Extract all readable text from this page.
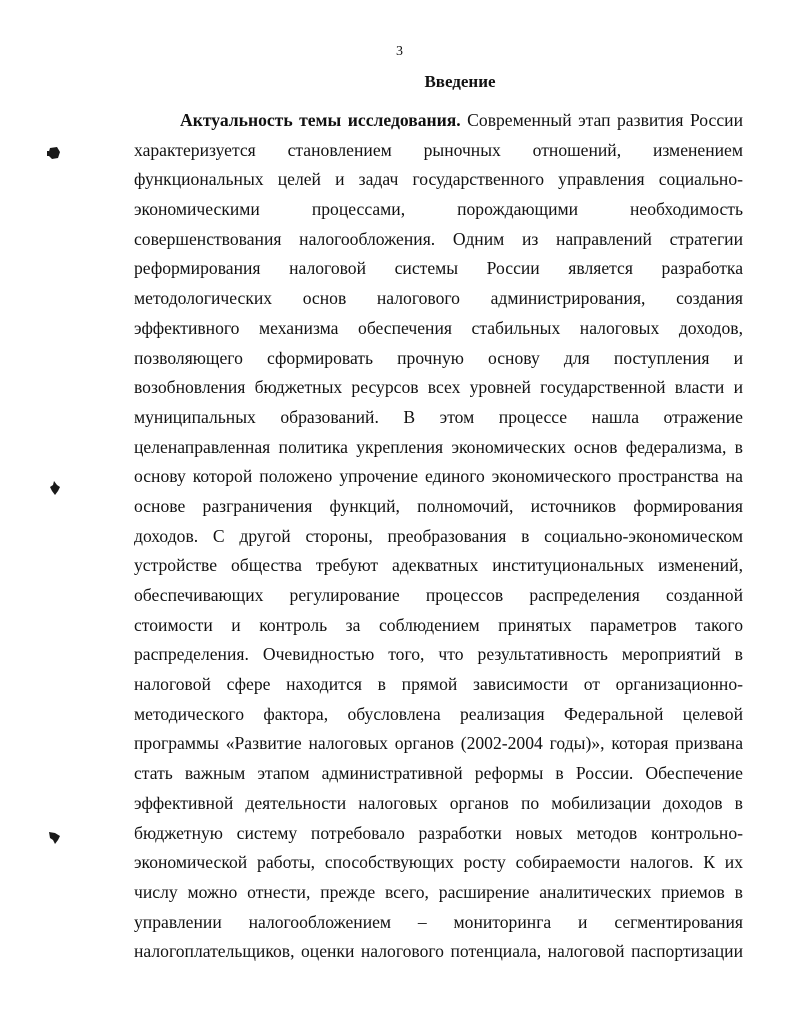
3
Введение
Актуальность темы исследования. Современный этап развития России
характеризуется становлением рыночных отношений, изменением
функциональных целей и задач государственного управления социально-
экономическими процессами, порождающими необходимость
совершенствования налогообложения. Одним из направлений стратегии
реформирования налоговой системы России является разработка
методологических основ налогового администрирования, создания
эффективного механизма обеспечения стабильных налоговых доходов,
позволяющего сформировать прочную основу для поступления и
возобновления бюджетных ресурсов всех уровней государственной власти и
муниципальных образований. В этом процессе нашла отражение
целенаправленная политика укрепления экономических основ федерализма, в
основу которой положено упрочение единого экономического пространства на
основе разграничения функций, полномочий, источников формирования
доходов. С другой стороны, преобразования в социально-экономическом
устройстве общества требуют адекватных институциональных изменений,
обеспечивающих регулирование процессов распределения созданной
стоимости и контроль за соблюдением принятых параметров такого
распределения. Очевидностью того, что результативность мероприятий в
налоговой сфере находится в прямой зависимости от организационно-
методического фактора, обусловлена реализация Федеральной целевой
программы «Развитие налоговых органов (2002-2004 годы)», которая призвана
стать важным этапом административной реформы в России. Обеспечение
эффективной деятельности налоговых органов по мобилизации доходов в
бюджетную систему потребовало разработки новых методов контрольно-
экономической работы, способствующих росту собираемости налогов. К их
числу можно отнести, прежде всего, расширение аналитических приемов в
управлении налогообложением – мониторинга и сегментирования
налогоплательщиков, оценки налогового потенциала, налоговой паспортизации
